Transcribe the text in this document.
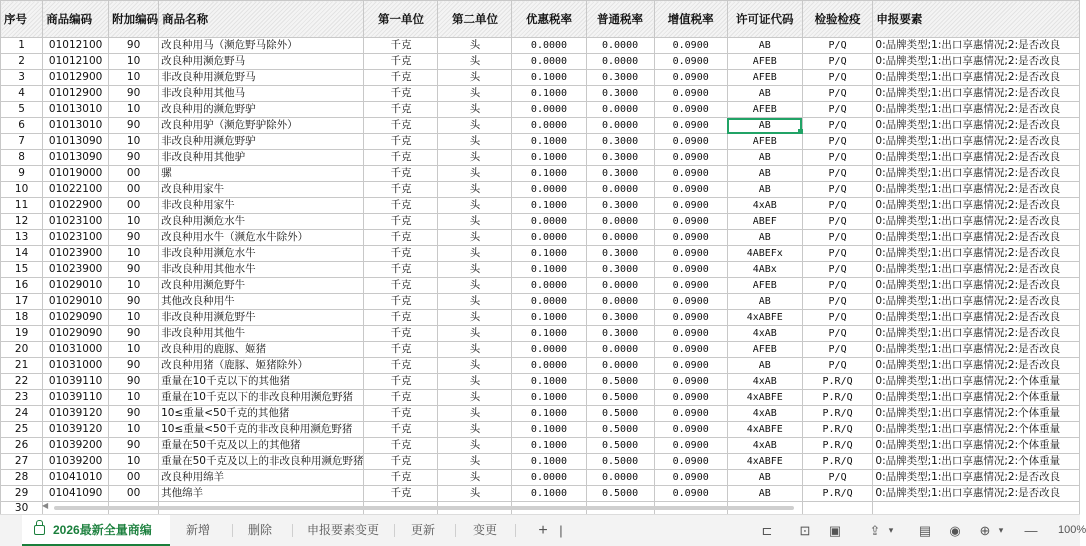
序号	商品编码	附加编码	商品名称	第一单位	第二单位	优惠税率	普通税率	增值税率	许可证代码	检验检疫	申报要素
1	01012100	90	改良种用马（濒危野马除外）	千克	头	0.0000	0.0000	0.0900	AB	P/Q	0:品牌类型;1:出口享惠情况;2:是否改良
2	01012100	10	改良种用濒危野马	千克	头	0.0000	0.0000	0.0900	AFEB	P/Q	0:品牌类型;1:出口享惠情况;2:是否改良
3	01012900	10	非改良种用濒危野马	千克	头	0.1000	0.3000	0.0900	AFEB	P/Q	0:品牌类型;1:出口享惠情况;2:是否改良
4	01012900	90	非改良种用其他马	千克	头	0.1000	0.3000	0.0900	AB	P/Q	0:品牌类型;1:出口享惠情况;2:是否改良
5	01013010	10	改良种用的濒危野驴	千克	头	0.0000	0.0000	0.0900	AFEB	P/Q	0:品牌类型;1:出口享惠情况;2:是否改良
6	01013010	90	改良种用驴（濒危野驴除外）	千克	头	0.0000	0.0000	0.0900	AB	P/Q	0:品牌类型;1:出口享惠情况;2:是否改良
7	01013090	10	非改良种用濒危野驴	千克	头	0.1000	0.3000	0.0900	AFEB	P/Q	0:品牌类型;1:出口享惠情况;2:是否改良
8	01013090	90	非改良种用其他驴	千克	头	0.1000	0.3000	0.0900	AB	P/Q	0:品牌类型;1:出口享惠情况;2:是否改良
9	01019000	00	骡	千克	头	0.1000	0.3000	0.0900	AB	P/Q	0:品牌类型;1:出口享惠情况;2:是否改良
10	01022100	00	改良种用家牛	千克	头	0.0000	0.0000	0.0900	AB	P/Q	0:品牌类型;1:出口享惠情况;2:是否改良
11	01022900	00	非改良种用家牛	千克	头	0.1000	0.3000	0.0900	4xAB	P/Q	0:品牌类型;1:出口享惠情况;2:是否改良
12	01023100	10	改良种用濒危水牛	千克	头	0.0000	0.0000	0.0900	ABEF	P/Q	0:品牌类型;1:出口享惠情况;2:是否改良
13	01023100	90	改良种用水牛（濒危水牛除外）	千克	头	0.0000	0.0000	0.0900	AB	P/Q	0:品牌类型;1:出口享惠情况;2:是否改良
14	01023900	10	非改良种用濒危水牛	千克	头	0.1000	0.3000	0.0900	4ABEFx	P/Q	0:品牌类型;1:出口享惠情况;2:是否改良
15	01023900	90	非改良种用其他水牛	千克	头	0.1000	0.3000	0.0900	4ABx	P/Q	0:品牌类型;1:出口享惠情况;2:是否改良
16	01029010	10	改良种用濒危野牛	千克	头	0.0000	0.0000	0.0900	AFEB	P/Q	0:品牌类型;1:出口享惠情况;2:是否改良
17	01029010	90	其他改良种用牛	千克	头	0.0000	0.0000	0.0900	AB	P/Q	0:品牌类型;1:出口享惠情况;2:是否改良
18	01029090	10	非改良种用濒危野牛	千克	头	0.1000	0.3000	0.0900	4xABFE	P/Q	0:品牌类型;1:出口享惠情况;2:是否改良
19	01029090	90	非改良种用其他牛	千克	头	0.1000	0.3000	0.0900	4xAB	P/Q	0:品牌类型;1:出口享惠情况;2:是否改良
20	01031000	10	改良种用的鹿豚、姬猪	千克	头	0.0000	0.0000	0.0900	AFEB	P/Q	0:品牌类型;1:出口享惠情况;2:是否改良
21	01031000	90	改良种用猪（鹿豚、姬猪除外）	千克	头	0.0000	0.0000	0.0900	AB	P/Q	0:品牌类型;1:出口享惠情况;2:是否改良
22	01039110	90	重量在10千克以下的其他猪	千克	头	0.1000	0.5000	0.0900	4xAB	P.R/Q	0:品牌类型;1:出口享惠情况;2:个体重量
23	01039110	10	重量在10千克以下的非改良种用濒危野猪	千克	头	0.1000	0.5000	0.0900	4xABFE	P.R/Q	0:品牌类型;1:出口享惠情况;2:个体重量
24	01039120	90	10≤重量<50千克的其他猪	千克	头	0.1000	0.5000	0.0900	4xAB	P.R/Q	0:品牌类型;1:出口享惠情况;2:个体重量
25	01039120	10	10≤重量<50千克的非改良种用濒危野猪	千克	头	0.1000	0.5000	0.0900	4xABFE	P.R/Q	0:品牌类型;1:出口享惠情况;2:个体重量
26	01039200	90	重量在50千克及以上的其他猪	千克	头	0.1000	0.5000	0.0900	4xAB	P.R/Q	0:品牌类型;1:出口享惠情况;2:个体重量
27	01039200	10	重量在50千克及以上的非改良种用濒危野猪	千克	头	0.1000	0.5000	0.0900	4xABFE	P.R/Q	0:品牌类型;1:出口享惠情况;2:个体重量
28	01041010	00	改良种用绵羊	千克	头	0.0000	0.0000	0.0900	AB	P/Q	0:品牌类型;1:出口享惠情况;2:是否改良
29	01041090	00	其他绵羊	千克	头	0.1000	0.5000	0.0900	AB	P.R/Q	0:品牌类型;1:出口享惠情况;2:是否改良
30											◀
2026最新全量商编	新增	删除	申报要素变更	更新	变更	+ |	⊏ ⊡ ▣ ⇪ ▾	▤ ◉ ⊕ ▾	— 100%
